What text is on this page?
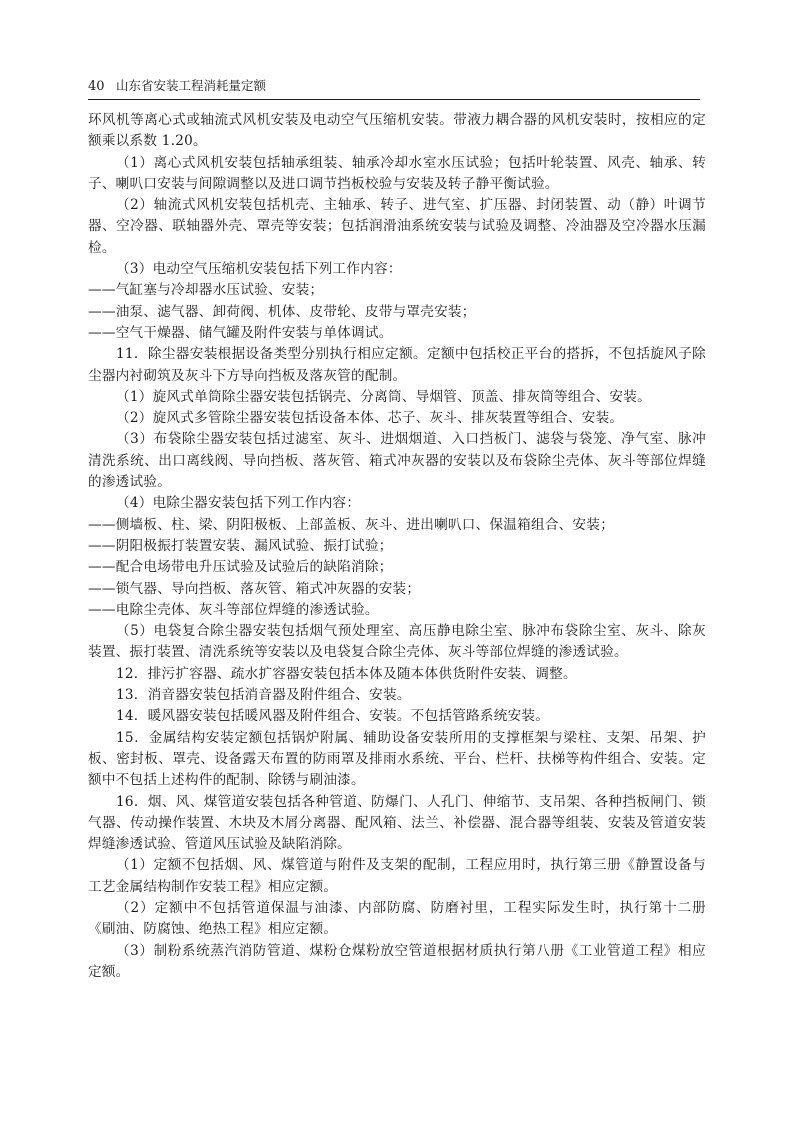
40 山东省安装工程消耗量定额

环风机等离心式或轴流式风机安装及电动空气压缩机安装。带液力耦合器的风机安装时，按相应的定额乘以系数 1.20。

（1）离心式风机安装包括轴承组装、轴承冷却水室水压试验；包括叶轮装置、风壳、轴承、转子、喇叭口安装与间隙调整以及进口调节挡板校验与安装及转子静平衡试验。

（2）轴流式风机安装包括机壳、主轴承、转子、进气室、扩压器、封闭装置、动（静）叶调节器、空冷器、联轴器外壳、罩壳等安装；包括润滑油系统安装与试验及调整、冷油器及空冷器水压漏检。

（3）电动空气压缩机安装包括下列工作内容：

——气缸塞与冷却器水压试验、安装；

——油泵、滤气器、卸荷阀、机体、皮带轮、皮带与罩壳安装；

——空气干燥器、储气罐及附件安装与单体调试。

11．除尘器安装根据设备类型分别执行相应定额。定额中包括校正平台的搭拆，不包括旋风子除尘器内衬砌筑及灰斗下方导向挡板及落灰管的配制。

（1）旋风式单筒除尘器安装包括锅壳、分离筒、导烟管、顶盖、排灰筒等组合、安装。

（2）旋风式多管除尘器安装包括设备本体、芯子、灰斗、排灰装置等组合、安装。

（3）布袋除尘器安装包括过滤室、灰斗、进烟烟道、入口挡板门、滤袋与袋笼、净气室、脉冲清洗系统、出口离线阀、导向挡板、落灰管、箱式冲灰器的安装以及布袋除尘壳体、灰斗等部位焊缝的渗透试验。

（4）电除尘器安装包括下列工作内容：

——侧墙板、柱、梁、阴阳极板、上部盖板、灰斗、进出喇叭口、保温箱组合、安装；

——阴阳极振打装置安装、漏风试验、振打试验；

——配合电场带电升压试验及试验后的缺陷消除；

——锁气器、导向挡板、落灰管、箱式冲灰器的安装；

——电除尘壳体、灰斗等部位焊缝的渗透试验。

（5）电袋复合除尘器安装包括烟气预处理室、高压静电除尘室、脉冲布袋除尘室、灰斗、除灰装置、振打装置、清洗系统等安装以及电袋复合除尘壳体、灰斗等部位焊缝的渗透试验。

12．排污扩容器、疏水扩容器安装包括本体及随本体供货附件安装、调整。

13．消音器安装包括消音器及附件组合、安装。

14．暖风器安装包括暖风器及附件组合、安装。不包括管路系统安装。

15．金属结构安装定额包括锅炉附属、辅助设备安装所用的支撑框架与梁柱、支架、吊架、护板、密封板、罩壳、设备露天布置的防雨罩及排雨水系统、平台、栏杆、扶梯等构件组合、安装。定额中不包括上述构件的配制、除锈与刷油漆。

16．烟、风、煤管道安装包括各种管道、防爆门、人孔门、伸缩节、支吊架、各种挡板闸门、锁气器、传动操作装置、木块及木屑分离器、配风箱、法兰、补偿器、混合器等组装、安装及管道安装焊缝渗透试验、管道风压试验及缺陷消除。

（1）定额不包括烟、风、煤管道与附件及支架的配制，工程应用时，执行第三册《静置设备与工艺金属结构制作安装工程》相应定额。

（2）定额中不包括管道保温与油漆、内部防腐、防磨衬里，工程实际发生时，执行第十二册《刷油、防腐蚀、绝热工程》相应定额。

（3）制粉系统蒸汽消防管道、煤粉仓煤粉放空管道根据材质执行第八册《工业管道工程》相应定额。
